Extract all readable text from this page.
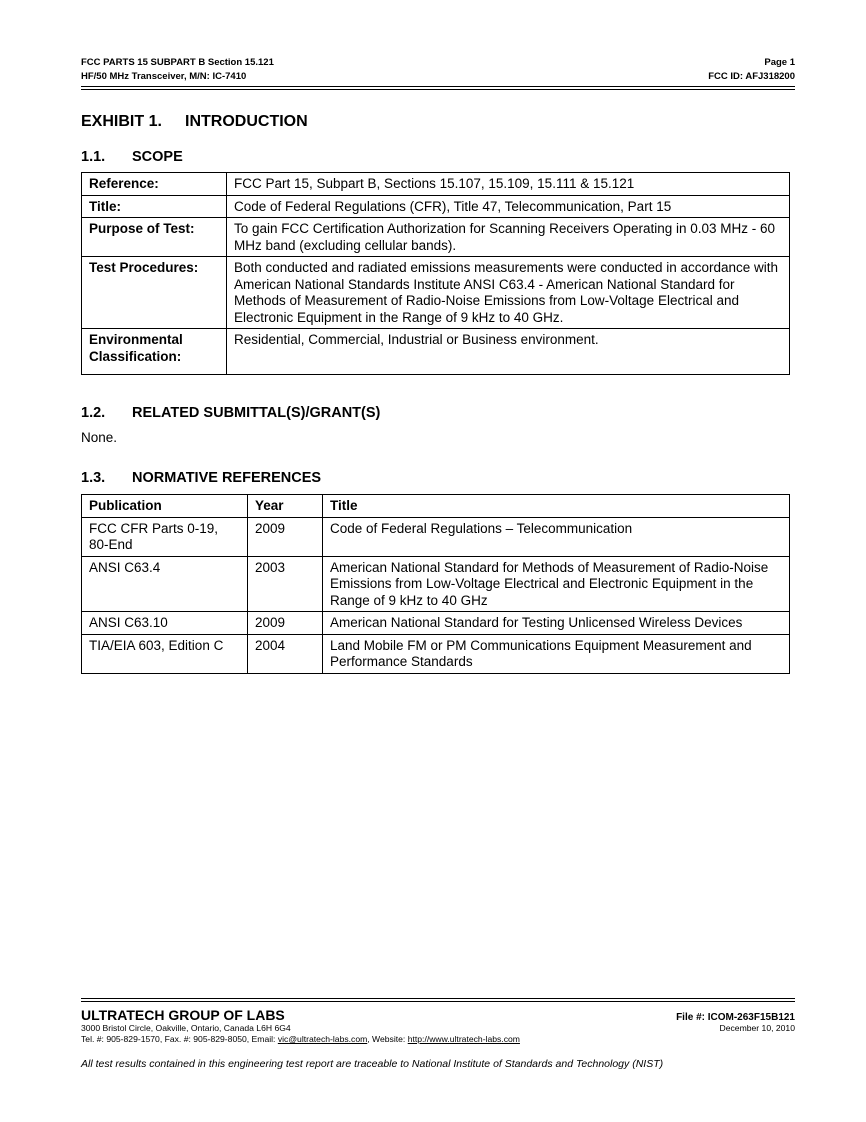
FCC PARTS 15 SUBPART B Section 15.121	Page 1
HF/50 MHz Transceiver, M/N: IC-7410	FCC ID: AFJ318200
EXHIBIT 1. INTRODUCTION
1.1. SCOPE
Reference:	FCC Part 15, Subpart B, Sections 15.107, 15.109, 15.111 & 15.121
Title:	Code of Federal Regulations (CFR), Title 47, Telecommunication, Part 15
Purpose of Test:	To gain FCC Certification Authorization for Scanning Receivers Operating in 0.03 MHz - 60 MHz band (excluding cellular bands).
Test Procedures:	Both conducted and radiated emissions measurements were conducted in accordance with American National Standards Institute ANSI C63.4 - American National Standard for Methods of Measurement of Radio-Noise Emissions from Low-Voltage Electrical and Electronic Equipment in the Range of 9 kHz to 40 GHz.
Environmental Classification:	Residential, Commercial, Industrial or Business environment.
1.2. RELATED SUBMITTAL(S)/GRANT(S)
None.
1.3. NORMATIVE REFERENCES
Publication	Year	Title
FCC CFR Parts 0-19, 80-End	2009	Code of Federal Regulations – Telecommunication
ANSI C63.4	2003	American National Standard for Methods of Measurement of Radio-Noise Emissions from Low-Voltage Electrical and Electronic Equipment in the Range of 9 kHz to 40 GHz
ANSI C63.10	2009	American National Standard for Testing Unlicensed Wireless Devices
TIA/EIA 603, Edition C	2004	Land Mobile FM or PM Communications Equipment Measurement and Performance Standards
ULTRATECH GROUP OF LABS	File #: ICOM-263F15B121
3000 Bristol Circle, Oakville, Ontario, Canada L6H 6G4	December 10, 2010
Tel. #: 905-829-1570, Fax. #: 905-829-8050, Email: vic@ultratech-labs.com, Website: http://www.ultratech-labs.com
All test results contained in this engineering test report are traceable to National Institute of Standards and Technology (NIST)
